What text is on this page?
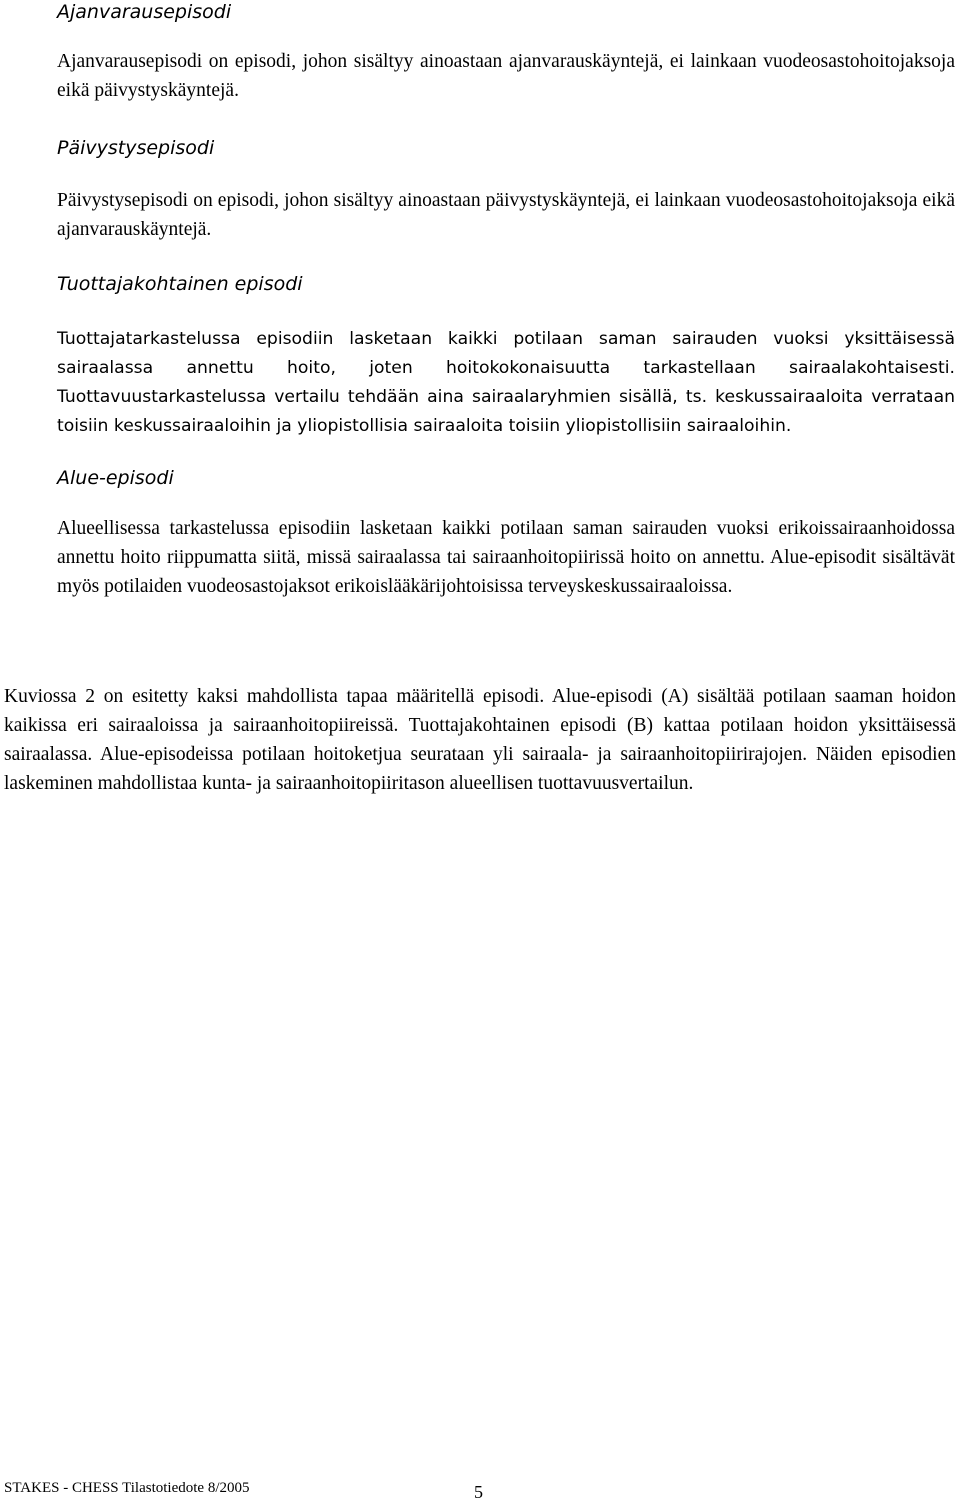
Ajanvarausepisodi

Ajanvarausepisodi on episodi, johon sisältyy ainoastaan ajanvarauskäyntejä, ei lainkaan vuodeosastohoitojaksoja eikä päivystyskäyntejä.

Päivystysepisodi

Päivystysepisodi on episodi, johon sisältyy ainoastaan päivystyskäyntejä, ei lainkaan vuodeosastohoitojaksoja eikä ajanvarauskäyntejä.

Tuottajakohtainen episodi

Tuottajatarkastelussa episodiin lasketaan kaikki potilaan saman sairauden vuoksi yksittäisessä sairaalassa annettu hoito, joten hoitokokonaisuutta tarkastellaan sairaalakohtaisesti. Tuottavuustarkastelussa vertailu tehdään aina sairaalaryhmien sisällä, ts. keskussairaaloita verrataan toisiin keskussairaaloihin ja yliopistollisia sairaaloita toisiin yliopistollisiin sairaaloihin.

Alue-episodi

Alueellisessa tarkastelussa episodiin lasketaan kaikki potilaan saman sairauden vuoksi erikoissairaanhoidossa annettu hoito riippumatta siitä, missä sairaalassa tai sairaanhoitopiirissä hoito on annettu. Alue-episodit sisältävät myös potilaiden vuodeosastojaksot erikoislääkärijohtoisissa terveyskeskussairaaloissa.

Kuviossa 2 on esitetty kaksi mahdollista tapaa määritellä episodi. Alue-episodi (A) sisältää potilaan saaman hoidon kaikissa eri sairaaloissa ja sairaanhoitopiireissä. Tuottajakohtainen episodi (B) kattaa potilaan hoidon yksittäisessä sairaalassa. Alue-episodeissa potilaan hoitoketjua seurataan yli sairaala- ja sairaanhoitopiirirajojen. Näiden episodien laskeminen mahdollistaa kunta- ja sairaanhoitopiiritason alueellisen tuottavuusvertailun.

STAKES - CHESS Tilastotiedote 8/2005	5
